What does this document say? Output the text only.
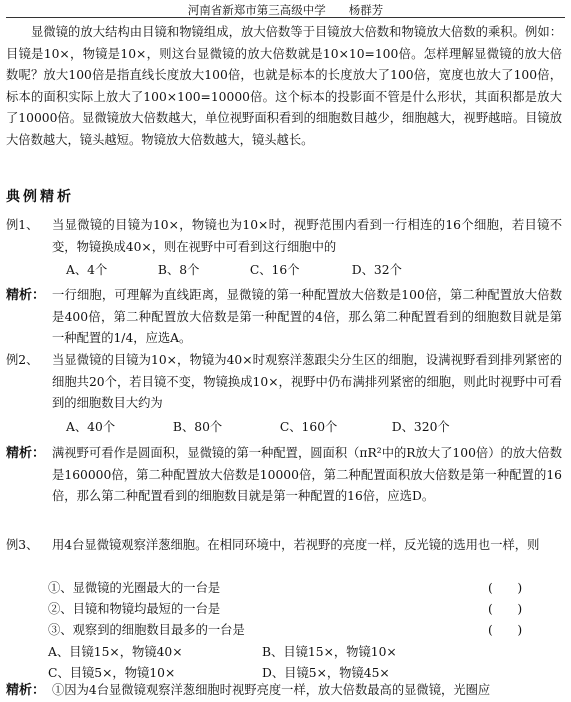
河南省新郑市第三高级中学　　杨群芳

显微镜的放大结构由目镜和物镜组成，放大倍数等于目镜放大倍数和物镜放大倍数的乘积。例如：目镜是10×，物镜是10×，则这台显微镜的放大倍数就是10×10=100倍。怎样理解显微镜的放大倍数呢？放大100倍是指直线长度放大100倍，也就是标本的长度放大了100倍，宽度也放大了100倍，标本的面积实际上放大了100×100=10000倍。这个标本的投影面不管是什么形状，其面积都是放大了10000倍。显微镜放大倍数越大，单位视野面积看到的细胞数目越少，细胞越大，视野越暗。目镜放大倍数越大，镜头越短。物镜放大倍数越大，镜头越长。

典例精析
例1、 当显微镜的目镜为10×，物镜也为10×时，视野范围内看到一行相连的16个细胞，若目镜不变，物镜换成40×，则在视野中可看到这行细胞中的

A、4个	B、8个	C、16个	D、32个
精析： 一行细胞，可理解为直线距离，显微镜的第一种配置放大倍数是100倍，第二种配置放大倍数是400倍，第二种配置放大倍数是第一种配置的4倍，那么第二种配置看到的细胞数目就是第一种配置的1/4，应选A。

例2、 当显微镜的目镜为10×，物镜为40×时观察洋葱跟尖分生区的细胞，设满视野看到排列紧密的细胞共20个，若目镜不变，物镜换成10×，视野中仍布满排列紧密的细胞，则此时视野中可看到的细胞数目大约为

A、40个	B、80个	C、160个	D、320个
精析： 满视野可看作是圆面积，显微镜的第一种配置，圆面积（πR²中的R放大了100倍）的放大倍数是160000倍，第二种配置放大倍数是10000倍，第二种配置面积放大倍数是第一种配置的16倍，那么第二种配置看到的细胞数目就是第一种配置的16倍，应选D。

例3、 用4台显微镜观察洋葱细胞。在相同环境中，若视野的亮度一样，反光镜的选用也一样，则

①、显微镜的光圈最大的一台是	(　　)
②、目镜和物镜均最短的一台是	(　　)
③、观察到的细胞数目最多的一台是	(　　)
A、目镜15×，物镜40×	B、目镜15×，物镜10×
C、目镜5×，物镜10×	D、目镜5×，物镜45×
精析： ①因为4台显微镜观察洋葱细胞时视野亮度一样，放大倍数最高的显微镜，光圈应
